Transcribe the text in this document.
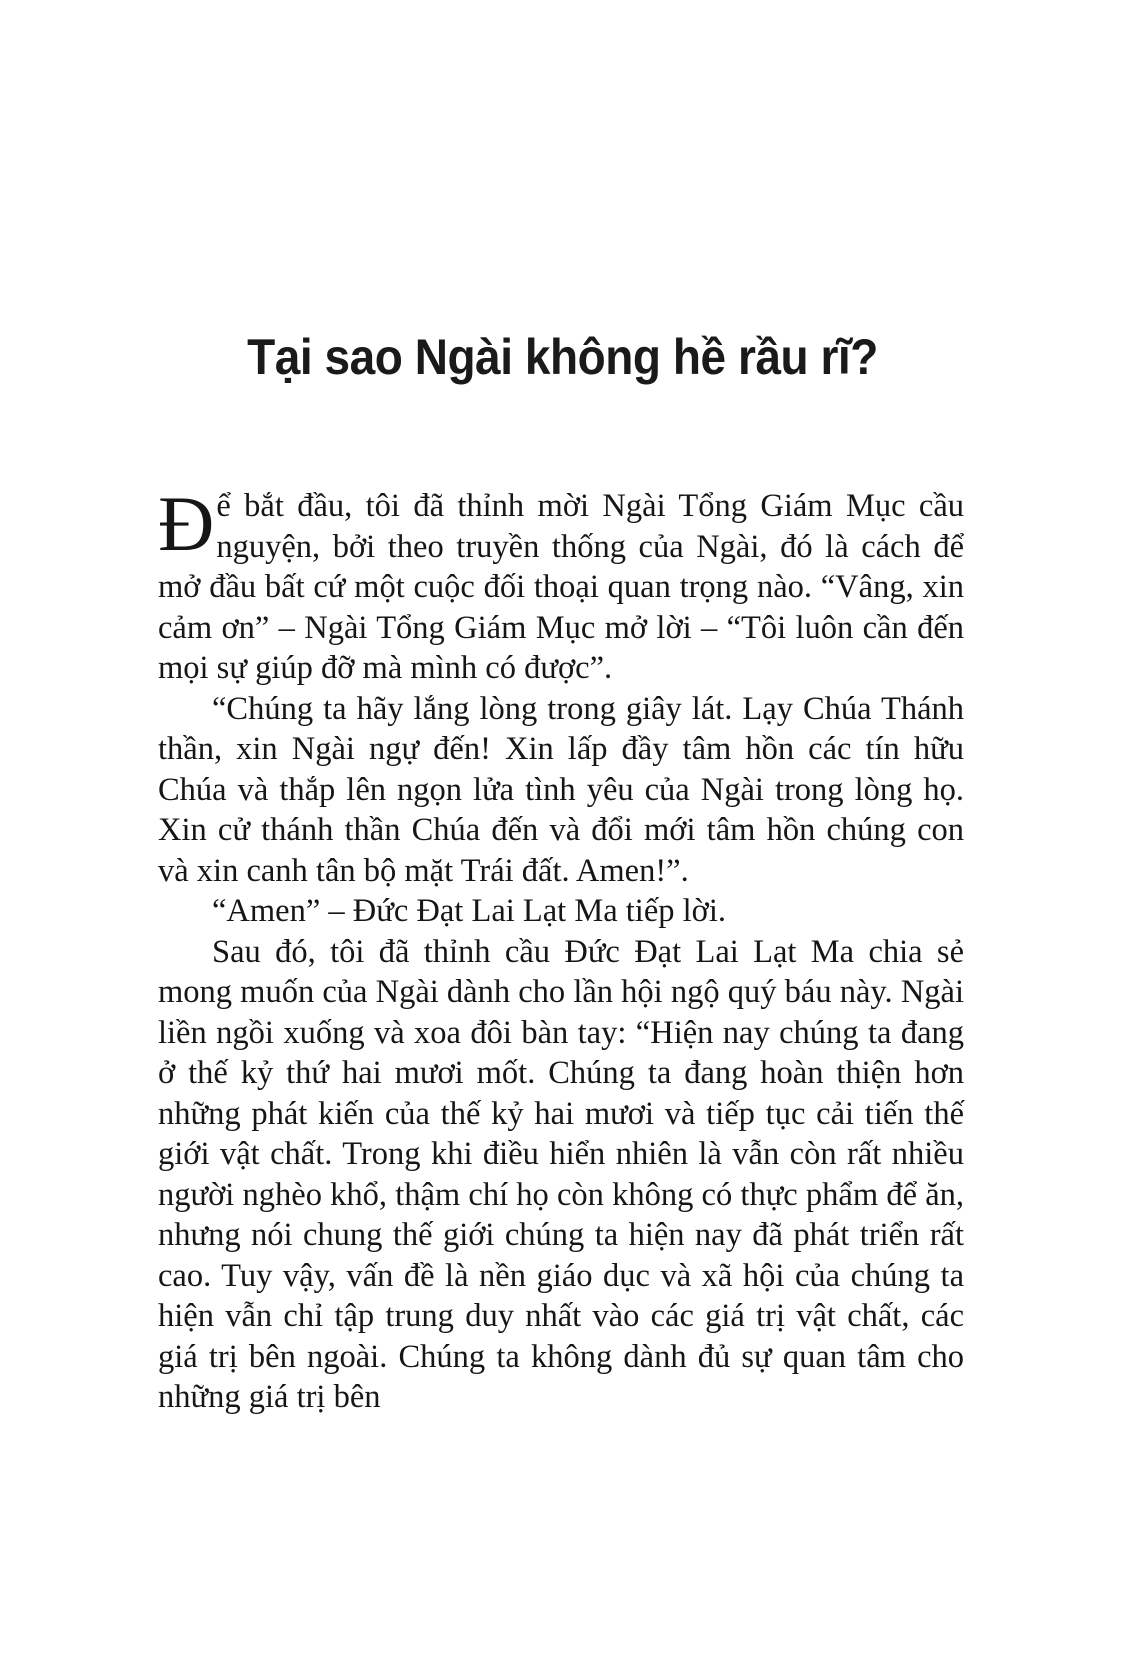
Tại sao Ngài không hề rầu rĩ?

Để bắt đầu, tôi đã thỉnh mời Ngài Tổng Giám Mục cầu nguyện, bởi theo truyền thống của Ngài, đó là cách để mở đầu bất cứ một cuộc đối thoại quan trọng nào. “Vâng, xin cảm ơn” – Ngài Tổng Giám Mục mở lời – “Tôi luôn cần đến mọi sự giúp đỡ mà mình có được”.

“Chúng ta hãy lắng lòng trong giây lát. Lạy Chúa Thánh thần, xin Ngài ngự đến! Xin lấp đầy tâm hồn các tín hữu Chúa và thắp lên ngọn lửa tình yêu của Ngài trong lòng họ. Xin cử thánh thần Chúa đến và đổi mới tâm hồn chúng con và xin canh tân bộ mặt Trái đất. Amen!”.

“Amen” – Đức Đạt Lai Lạt Ma tiếp lời.

Sau đó, tôi đã thỉnh cầu Đức Đạt Lai Lạt Ma chia sẻ mong muốn của Ngài dành cho lần hội ngộ quý báu này. Ngài liền ngồi xuống và xoa đôi bàn tay: “Hiện nay chúng ta đang ở thế kỷ thứ hai mươi mốt. Chúng ta đang hoàn thiện hơn những phát kiến của thế kỷ hai mươi và tiếp tục cải tiến thế giới vật chất. Trong khi điều hiển nhiên là vẫn còn rất nhiều người nghèo khổ, thậm chí họ còn không có thực phẩm để ăn, nhưng nói chung thế giới chúng ta hiện nay đã phát triển rất cao. Tuy vậy, vấn đề là nền giáo dục và xã hội của chúng ta hiện vẫn chỉ tập trung duy nhất vào các giá trị vật chất, các giá trị bên ngoài. Chúng ta không dành đủ sự quan tâm cho những giá trị bên
